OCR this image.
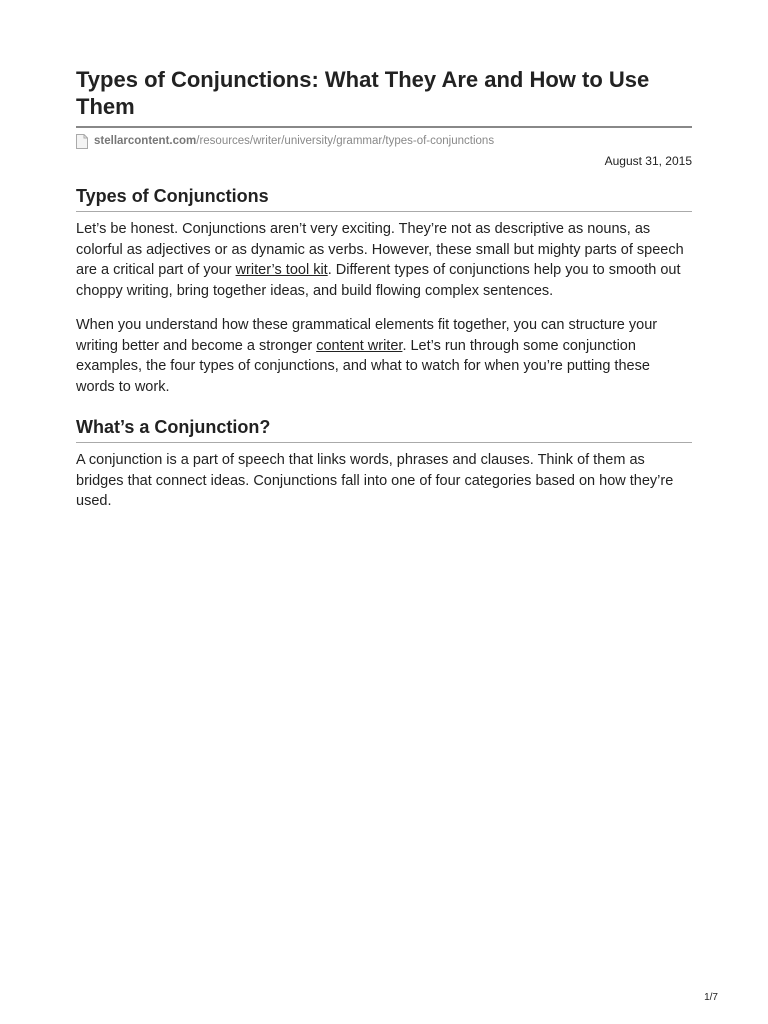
Types of Conjunctions: What They Are and How to Use Them
stellarcontent.com /resources/writer/university/grammar/types-of-conjunctions
August 31, 2015
Types of Conjunctions

Let’s be honest. Conjunctions aren’t very exciting. They’re not as descriptive as nouns, as colorful as adjectives or as dynamic as verbs. However, these small but mighty parts of speech are a critical part of your writer’s tool kit. Different types of conjunctions help you to smooth out choppy writing, bring together ideas, and build flowing complex sentences.

When you understand how these grammatical elements fit together, you can structure your writing better and become a stronger content writer. Let’s run through some conjunction examples, the four types of conjunctions, and what to watch for when you’re putting these words to work.

What’s a Conjunction?

A conjunction is a part of speech that links words, phrases and clauses. Think of them as bridges that connect ideas. Conjunctions fall into one of four categories based on how they’re used.

1/7
